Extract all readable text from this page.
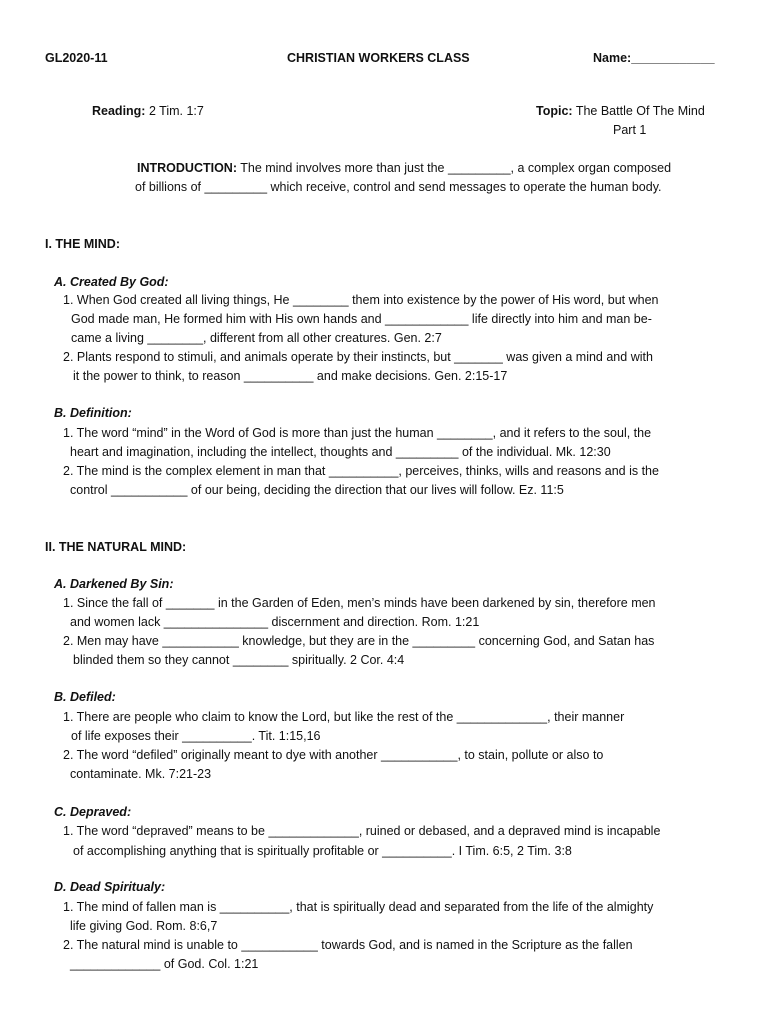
GL2020-11	CHRISTIAN WORKERS CLASS	Name:____________
Reading: 2 Tim. 1:7	Topic: The Battle Of The Mind
Part 1
INTRODUCTION: The mind involves more than just the _________, a complex organ composed
of billions of _________ which receive, control and send messages to operate the human body.
I. THE MIND:
A. Created By God:
1. When God created all living things, He ________ them into existence by the power of His word, but when
God made man, He formed him with His own hands and ____________ life directly into him and man be-
came a living ________, different from all other creatures. Gen. 2:7
2. Plants respond to stimuli, and animals operate by their instincts, but _______ was given a mind and with
it the power to think, to reason __________ and make decisions. Gen. 2:15-17
B. Definition:
1. The word “mind” in the Word of God is more than just the human ________, and it refers to the soul, the
heart and imagination, including the intellect, thoughts and _________ of the individual. Mk. 12:30
2. The mind is the complex element in man that __________, perceives, thinks, wills and reasons and is the
control ___________ of our being, deciding the direction that our lives will follow. Ez. 11:5
II. THE NATURAL MIND:
A. Darkened By Sin:
1. Since the fall of _______ in the Garden of Eden, men’s minds have been darkened by sin, therefore men
and women lack _______________ discernment and direction. Rom. 1:21
2. Men may have ___________ knowledge, but they are in the _________ concerning God, and Satan has
blinded them so they cannot ________ spiritually. 2 Cor. 4:4
B. Defiled:
1. There are people who claim to know the Lord, but like the rest of the _____________, their manner
of life exposes their __________. Tit. 1:15,16
2. The word “defiled” originally meant to dye with another ___________, to stain, pollute or also to
contaminate. Mk. 7:21-23
C. Depraved:
1. The word “depraved” means to be _____________, ruined or debased, and a depraved mind is incapable
of accomplishing anything that is spiritually profitable or __________. I Tim. 6:5, 2 Tim. 3:8
D. Dead Spiritualy:
1. The mind of fallen man is __________, that is spiritually dead and separated from the life of the almighty
life giving God. Rom. 8:6,7
2. The natural mind is unable to ___________ towards God, and is named in the Scripture as the fallen
_____________ of God. Col. 1:21
